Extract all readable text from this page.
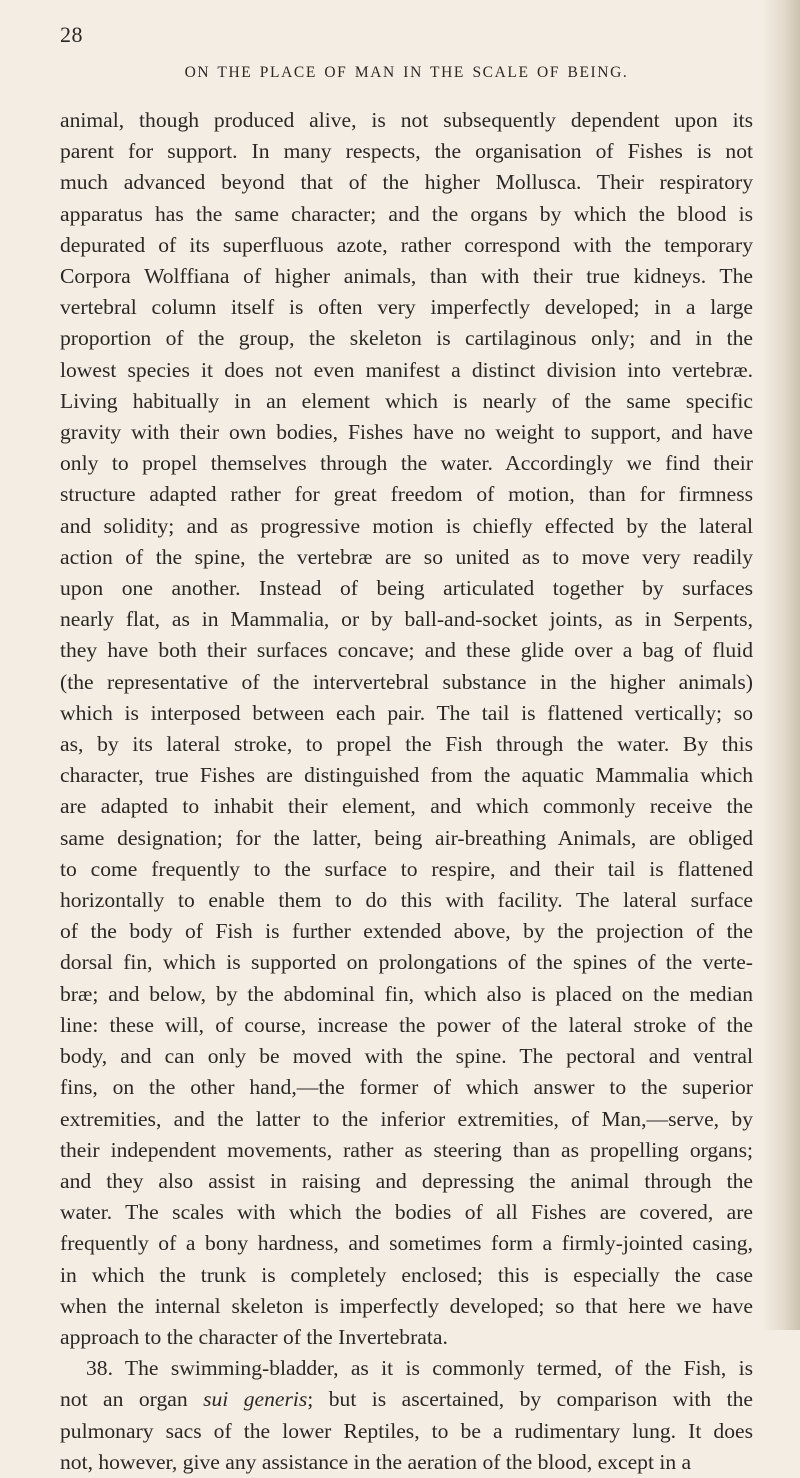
28
ON THE PLACE OF MAN IN THE SCALE OF BEING.
animal, though produced alive, is not subsequently dependent upon its
parent for support. In many respects, the organisation of Fishes is not
much advanced beyond that of the higher Mollusca. Their respiratory
apparatus has the same character; and the organs by which the blood is
depurated of its superfluous azote, rather correspond with the temporary
Corpora Wolffiana of higher animals, than with their true kidneys. The
vertebral column itself is often very imperfectly developed; in a large
proportion of the group, the skeleton is cartilaginous only; and in the
lowest species it does not even manifest a distinct division into vertebræ.
Living habitually in an element which is nearly of the same specific
gravity with their own bodies, Fishes have no weight to support, and have
only to propel themselves through the water. Accordingly we find their
structure adapted rather for great freedom of motion, than for firmness
and solidity; and as progressive motion is chiefly effected by the lateral
action of the spine, the vertebræ are so united as to move very readily
upon one another. Instead of being articulated together by surfaces
nearly flat, as in Mammalia, or by ball-and-socket joints, as in Serpents,
they have both their surfaces concave; and these glide over a bag of fluid
(the representative of the intervertebral substance in the higher animals)
which is interposed between each pair. The tail is flattened vertically; so
as, by its lateral stroke, to propel the Fish through the water. By this
character, true Fishes are distinguished from the aquatic Mammalia which
are adapted to inhabit their element, and which commonly receive the
same designation; for the latter, being air-breathing Animals, are obliged
to come frequently to the surface to respire, and their tail is flattened
horizontally to enable them to do this with facility. The lateral surface
of the body of Fish is further extended above, by the projection of the
dorsal fin, which is supported on prolongations of the spines of the verte-
bræ; and below, by the abdominal fin, which also is placed on the median
line: these will, of course, increase the power of the lateral stroke of the
body, and can only be moved with the spine. The pectoral and ventral
fins, on the other hand,—the former of which answer to the superior
extremities, and the latter to the inferior extremities, of Man,—serve, by
their independent movements, rather as steering than as propelling organs;
and they also assist in raising and depressing the animal through the
water. The scales with which the bodies of all Fishes are covered, are
frequently of a bony hardness, and sometimes form a firmly-jointed casing,
in which the trunk is completely enclosed; this is especially the case
when the internal skeleton is imperfectly developed; so that here we have
approach to the character of the Invertebrata.
38. The swimming-bladder, as it is commonly termed, of the Fish, is
not an organ sui generis; but is ascertained, by comparison with the
pulmonary sacs of the lower Reptiles, to be a rudimentary lung. It does
not, however, give any assistance in the aeration of the blood, except in a
